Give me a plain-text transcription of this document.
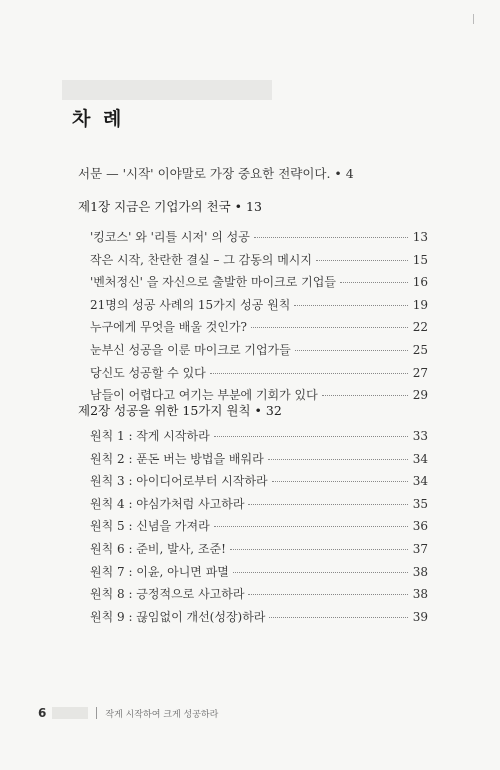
차 례
서문 — '시작' 이야말로 가장 중요한 전략이다. • 4
제1장 지금은 기업가의 천국 • 13
'킹코스' 와 '리틀 시저' 의 성공	13
작은 시작, 찬란한 결실 – 그 감동의 메시지	15
'벤처정신' 을 자신으로 출발한 마이크로 기업들	16
21명의 성공 사례의 15가지 성공 원칙	19
누구에게 무엇을 배울 것인가?	22
눈부신 성공을 이룬 마이크로 기업가들	25
당신도 성공할 수 있다	27
남들이 어렵다고 여기는 부분에 기회가 있다	29
제2장 성공을 위한 15가지 원칙 • 32
원칙 1 : 작게 시작하라	33
원칙 2 : 푼돈 버는 방법을 배워라	34
원칙 3 : 아이디어로부터 시작하라	34
원칙 4 : 야심가처럼 사고하라	35
원칙 5 : 신념을 가져라	36
원칙 6 : 준비, 발사, 조준!	37
원칙 7 : 이윤, 아니면 파멸	38
원칙 8 : 긍정적으로 사고하라	38
원칙 9 : 끊임없이 개선(성장)하라	39
6	작게 시작하여 크게 성공하라
